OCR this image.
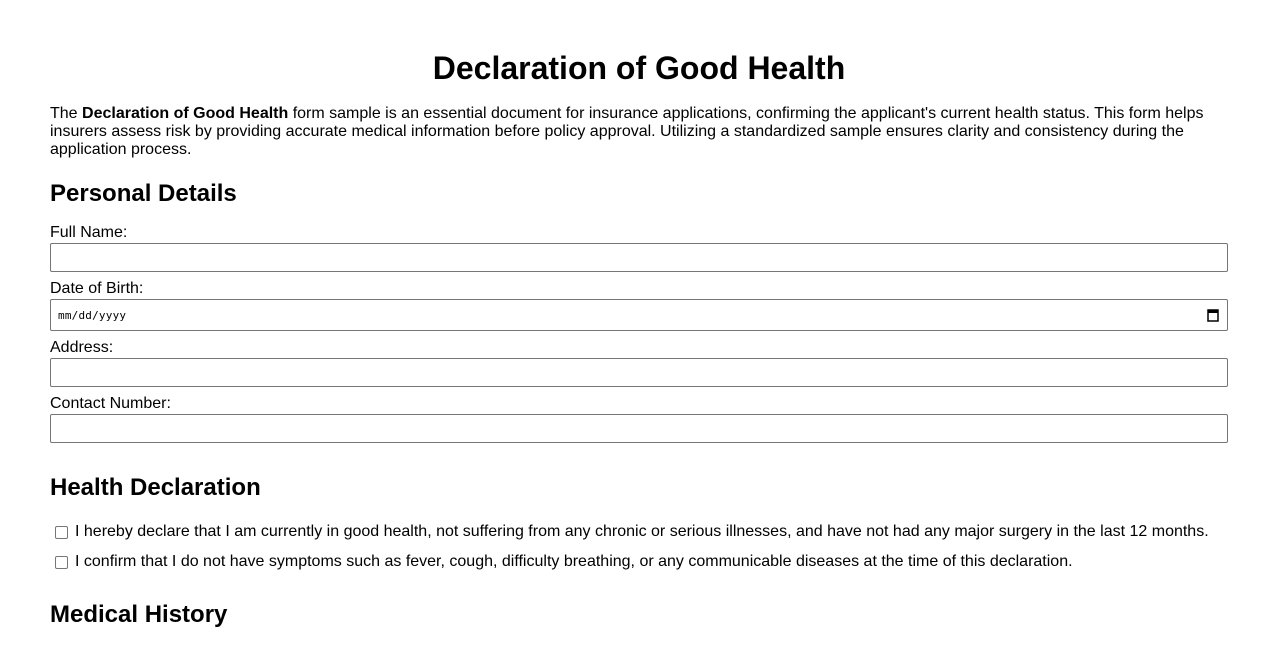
Declaration of Good Health

The Declaration of Good Health form sample is an essential document for insurance applications, confirming the applicant's current health status. This form helps insurers assess risk by providing accurate medical information before policy approval. Utilizing a standardized sample ensures clarity and consistency during the application process.

Personal Details
Full Name:
Date of Birth:
mm/dd/yyyy
Address:
Contact Number:
Health Declaration
I hereby declare that I am currently in good health, not suffering from any chronic or serious illnesses, and have not had any major surgery in the last 12 months.
I confirm that I do not have symptoms such as fever, cough, difficulty breathing, or any communicable diseases at the time of this declaration.
Medical History
